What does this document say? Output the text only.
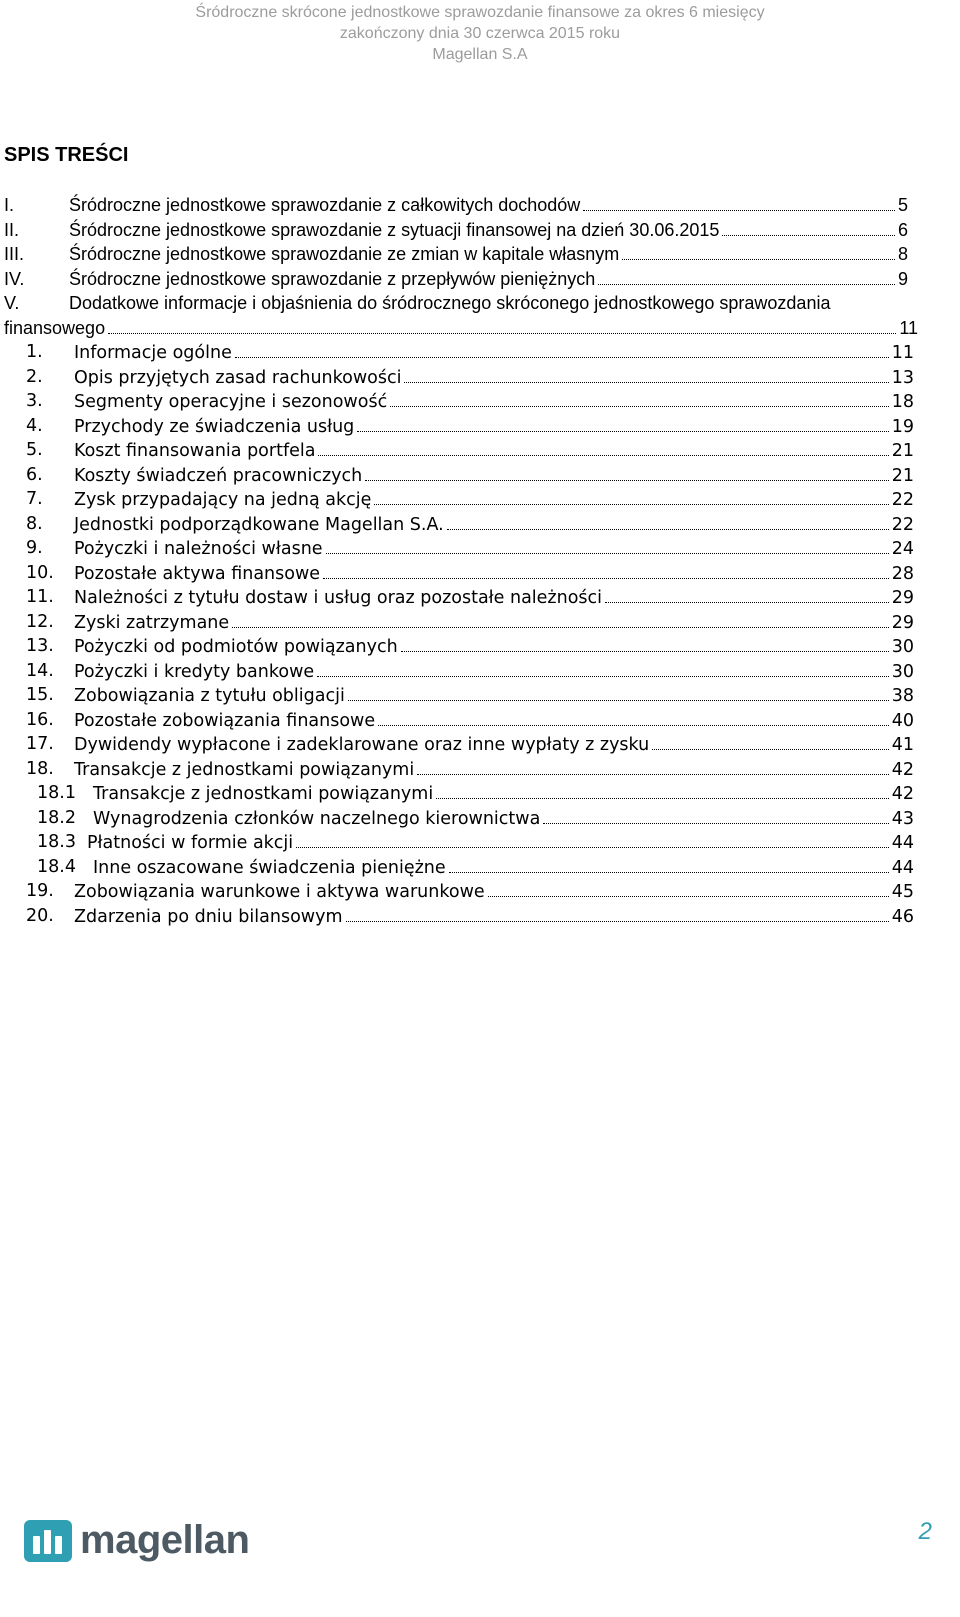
Śródroczne skrócone jednostkowe sprawozdanie finansowe za okres 6 miesięcy
zakończony dnia 30 czerwca 2015 roku
Magellan S.A
SPIS TREŚCI
I.	Śródroczne jednostkowe sprawozdanie z całkowitych dochodów	5
II.	Śródroczne jednostkowe sprawozdanie z sytuacji finansowej na dzień 30.06.2015	6
III. Śródroczne jednostkowe sprawozdanie ze zmian w kapitale własnym	8
IV. Śródroczne jednostkowe sprawozdanie z przepływów pieniężnych	9
V.	Dodatkowe informacje i objaśnienia do śródrocznego skróconego jednostkowego sprawozdania
finansowego	11
1. Informacje ogólne	11
2. Opis przyjętych zasad rachunkowości	13
3. Segmenty operacyjne i sezonowość	18
4. Przychody ze świadczenia usług	19
5. Koszt finansowania portfela	21
6. Koszty świadczeń pracowniczych	21
7. Zysk przypadający na jedną akcję	22
8. Jednostki podporządkowane Magellan S.A.	22
9. Pożyczki i należności własne	24
10. Pozostałe aktywa finansowe	28
11. Należności z tytułu dostaw i usług oraz pozostałe należności	29
12. Zyski zatrzymane	29
13. Pożyczki od podmiotów powiązanych	30
14. Pożyczki i kredyty bankowe	30
15. Zobowiązania z tytułu obligacji	38
16. Pozostałe zobowiązania finansowe	40
17. Dywidendy wypłacone i zadeklarowane oraz inne wypłaty z zysku	41
18. Transakcje z jednostkami powiązanymi	42
18.1 Transakcje z jednostkami powiązanymi	42
18.2 Wynagrodzenia członków naczelnego kierownictwa	43
18.3 Płatności w formie akcji	44
18.4 Inne oszacowane świadczenia pieniężne	44
19. Zobowiązania warunkowe i aktywa warunkowe	45
20. Zdarzenia po dniu bilansowym	46
magellan	2
